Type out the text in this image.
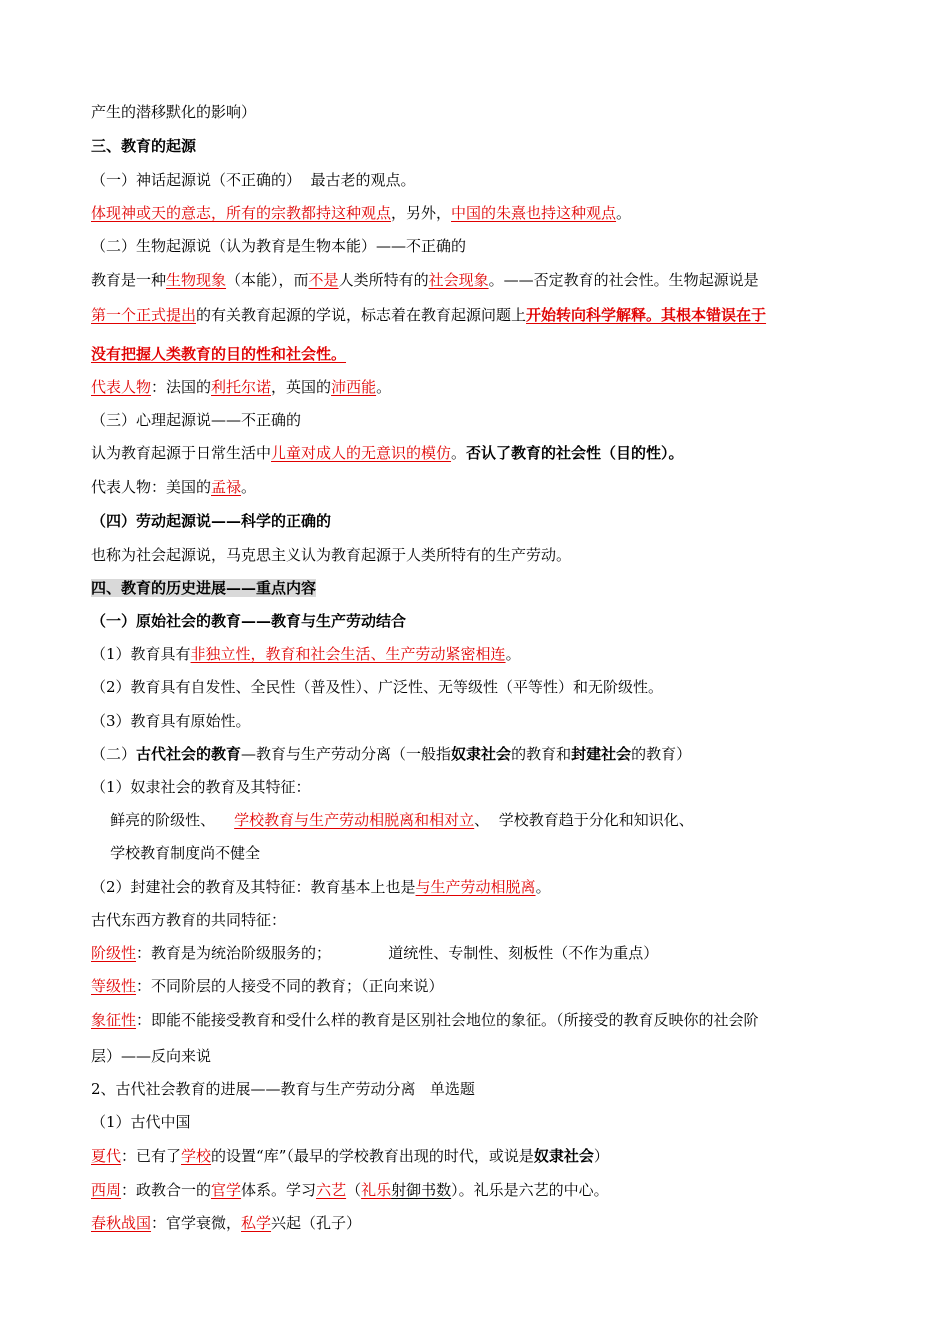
产生的潜移默化的影响）
三、教育的起源
（一）神话起源说（不正确的）  最古老的观点。
体现神或天的意志，所有的宗教都持这种观点，另外，中国的朱熹也持这种观点。
（二）生物起源说（认为教育是生物本能）——不正确的
教育是一种生物现象（本能），而不是人类所特有的社会现象。——否定教育的社会性。生物起源说是
第一个正式提出的有关教育起源的学说，标志着在教育起源问题上开始转向科学解释。其根本错误在于
没有把握人类教育的目的性和社会性。
代表人物：法国的利托尔诺，英国的沛西能。
（三）心理起源说——不正确的
认为教育起源于日常生活中儿童对成人的无意识的模仿。否认了教育的社会性（目的性）。
代表人物：美国的孟禄。
（四）劳动起源说——科学的正确的
也称为社会起源说，马克思主义认为教育起源于人类所特有的生产劳动。
四、教育的历史进展——重点内容
（一）原始社会的教育——教育与生产劳动结合
（1）教育具有非独立性，教育和社会生活、生产劳动紧密相连。
（2）教育具有自发性、全民性（普及性）、广泛性、无等级性（平等性）和无阶级性。
（3）教育具有原始性。
（二）古代社会的教育—教育与生产劳动分离（一般指奴隶社会的教育和封建社会的教育）
（1）奴隶社会的教育及其特征：
鲜亮的阶级性、    学校教育与生产劳动相脱离和相对立、  学校教育趋于分化和知识化、
学校教育制度尚不健全
（2）封建社会的教育及其特征：教育基本上也是与生产劳动相脱离。
古代东西方教育的共同特征：
阶级性：教育是为统治阶级服务的；            道统性、专制性、刻板性（不作为重点）
等级性：不同阶层的人接受不同的教育；（正向来说）
象征性：即能不能接受教育和受什么样的教育是区别社会地位的象征。（所接受的教育反映你的社会阶
层）——反向来说
2、古代社会教育的进展——教育与生产劳动分离   单选题
（1）古代中国
夏代：已有了学校的设置“库”（最早的学校教育出现的时代，或说是奴隶社会）
西周：政教合一的官学体系。学习六艺（礼乐射御书数）。礼乐是六艺的中心。
春秋战国：官学衰微，私学兴起（孔子）
